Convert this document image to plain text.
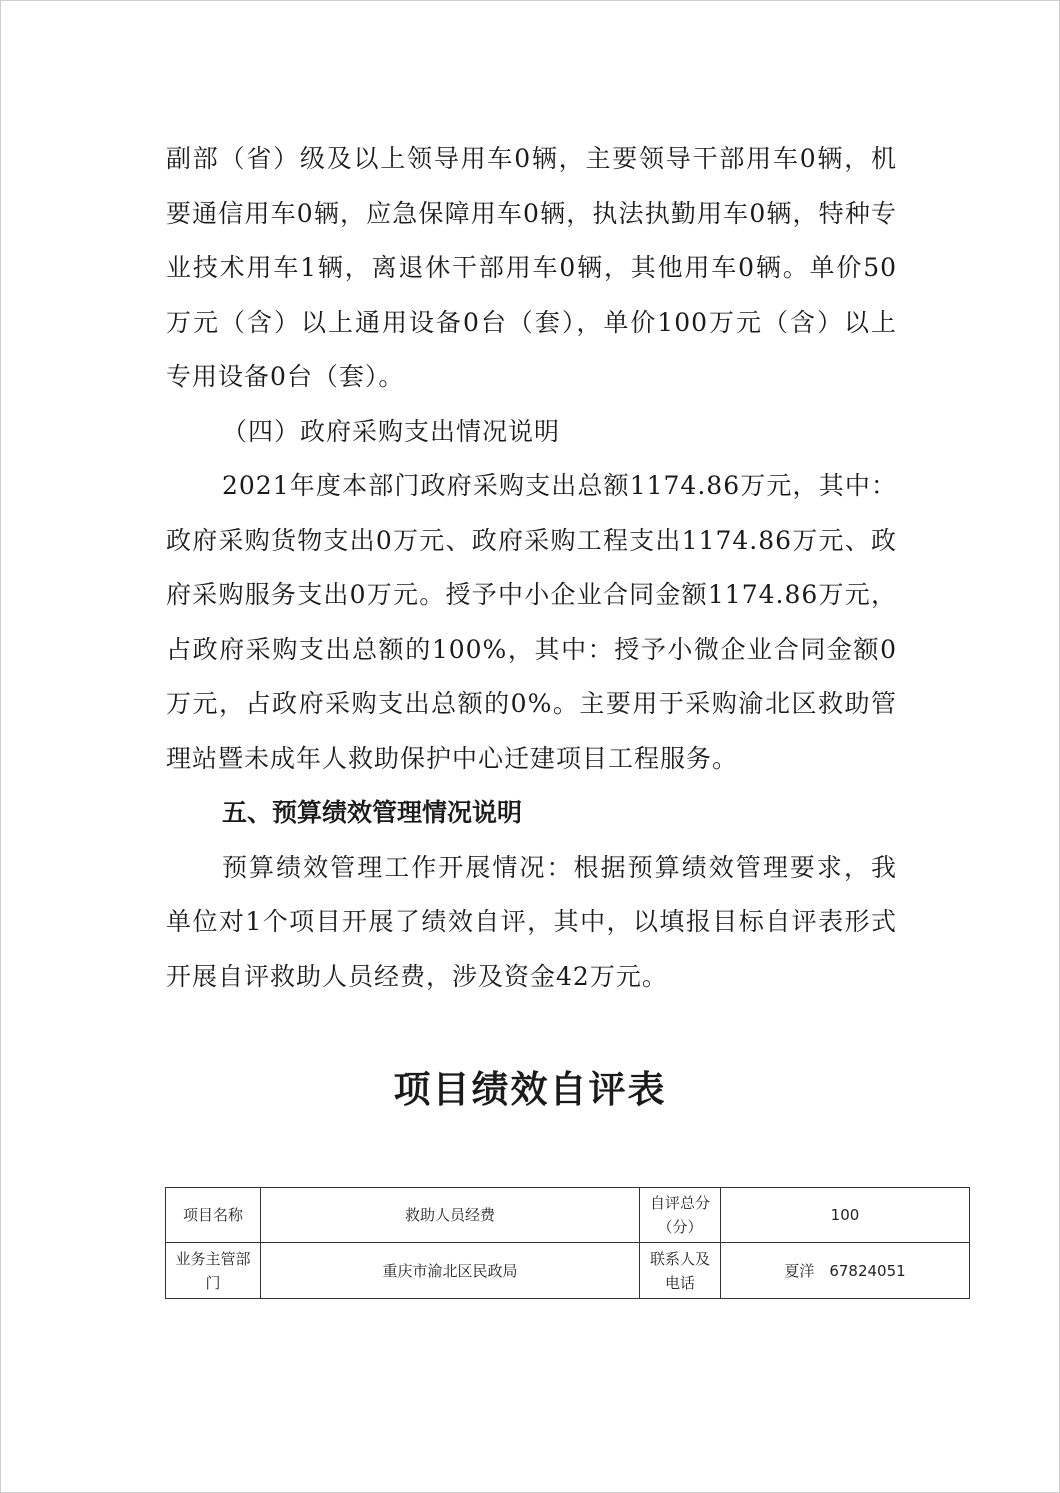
副部（省）级及以上领导用车0辆，主要领导干部用车0辆，机要通信用车0辆，应急保障用车0辆，执法执勤用车0辆，特种专业技术用车1辆，离退休干部用车0辆，其他用车0辆。单价50万元（含）以上通用设备0台（套），单价100万元（含）以上专用设备0台（套）。

（四）政府采购支出情况说明

2021年度本部门政府采购支出总额1174.86万元，其中：政府采购货物支出0万元、政府采购工程支出1174.86万元、政府采购服务支出0万元。授予中小企业合同金额1174.86万元，占政府采购支出总额的100%，其中：授予小微企业合同金额0万元，占政府采购支出总额的0%。主要用于采购渝北区救助管理站暨未成年人救助保护中心迁建项目工程服务。

五、预算绩效管理情况说明

预算绩效管理工作开展情况：根据预算绩效管理要求，我单位对1个项目开展了绩效自评，其中，以填报目标自评表形式开展自评救助人员经费，涉及资金42万元。

项目绩效自评表
项目名称	救助人员经费	自评总分（分）	100
业务主管部门	重庆市渝北区民政局	联系人及电话	夏洋　67824051
